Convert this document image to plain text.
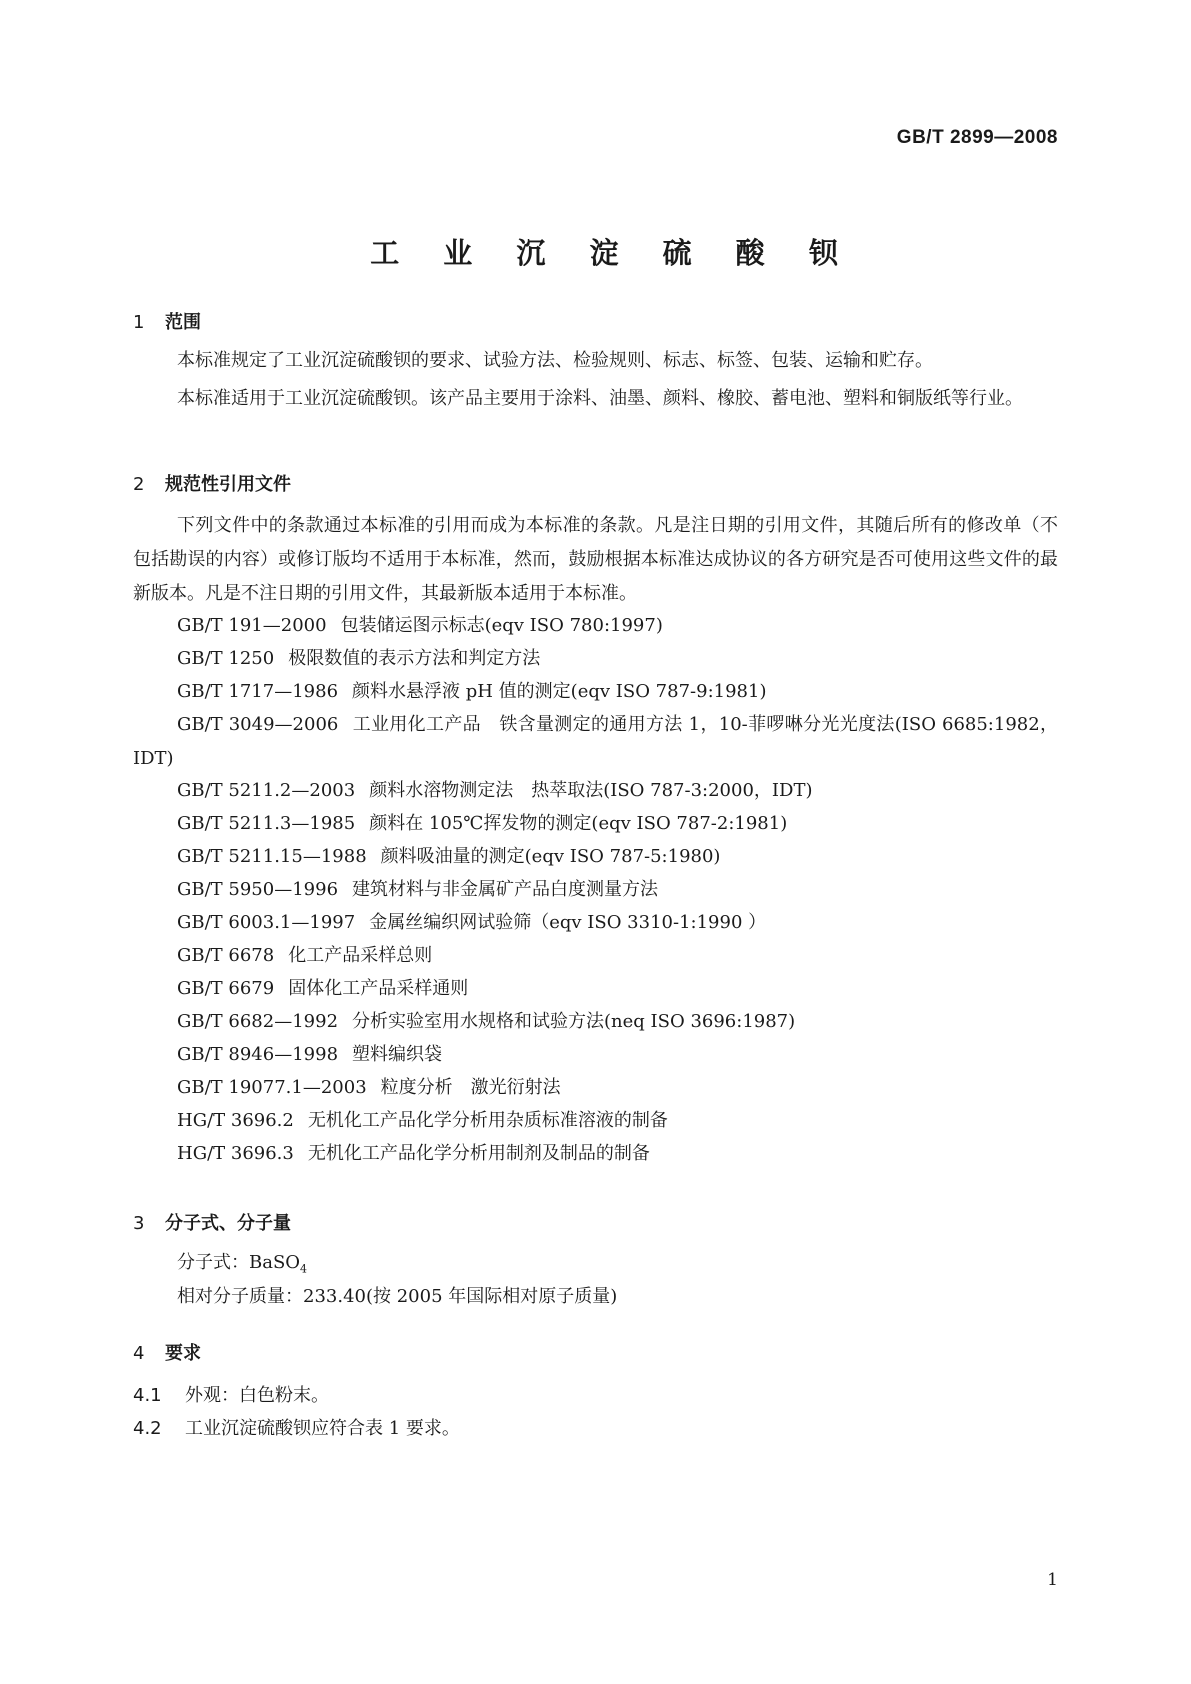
GB/T 2899—2008
工 业 沉 淀 硫 酸 钡
1 范围
本标准规定了工业沉淀硫酸钡的要求、试验方法、检验规则、标志、标签、包装、运输和贮存。
本标准适用于工业沉淀硫酸钡。该产品主要用于涂料、油墨、颜料、橡胶、蓄电池、塑料和铜版纸等行业。
2 规范性引用文件
下列文件中的条款通过本标准的引用而成为本标准的条款。凡是注日期的引用文件，其随后所有的修改单（不包括勘误的内容）或修订版均不适用于本标准，然而，鼓励根据本标准达成协议的各方研究是否可使用这些文件的最新版本。凡是不注日期的引用文件，其最新版本适用于本标准。
GB/T 191—2000 包装储运图示标志(eqv ISO 780:1997)
GB/T 1250 极限数值的表示方法和判定方法
GB/T 1717—1986 颜料水悬浮液 pH 值的测定(eqv ISO 787-9:1981)
GB/T 3049—2006 工业用化工产品　铁含量测定的通用方法 1，10-菲啰啉分光光度法(ISO 6685:1982，IDT)
GB/T 5211.2—2003 颜料水溶物测定法　热萃取法(ISO 787-3:2000，IDT)
GB/T 5211.3—1985 颜料在 105℃挥发物的测定(eqv ISO 787-2:1981)
GB/T 5211.15—1988 颜料吸油量的测定(eqv ISO 787-5:1980)
GB/T 5950—1996 建筑材料与非金属矿产品白度测量方法
GB/T 6003.1—1997 金属丝编织网试验筛（eqv ISO 3310-1:1990 ）
GB/T 6678 化工产品采样总则
GB/T 6679 固体化工产品采样通则
GB/T 6682—1992 分析实验室用水规格和试验方法(neq ISO 3696:1987)
GB/T 8946—1998 塑料编织袋
GB/T 19077.1—2003 粒度分析　激光衍射法
HG/T 3696.2 无机化工产品化学分析用杂质标准溶液的制备
HG/T 3696.3 无机化工产品化学分析用制剂及制品的制备
3 分子式、分子量
分子式：BaSO$_4$
相对分子质量：233.40(按 2005 年国际相对原子质量)
4 要求
4.1 外观：白色粉末。
4.2 工业沉淀硫酸钡应符合表 1 要求。
1
